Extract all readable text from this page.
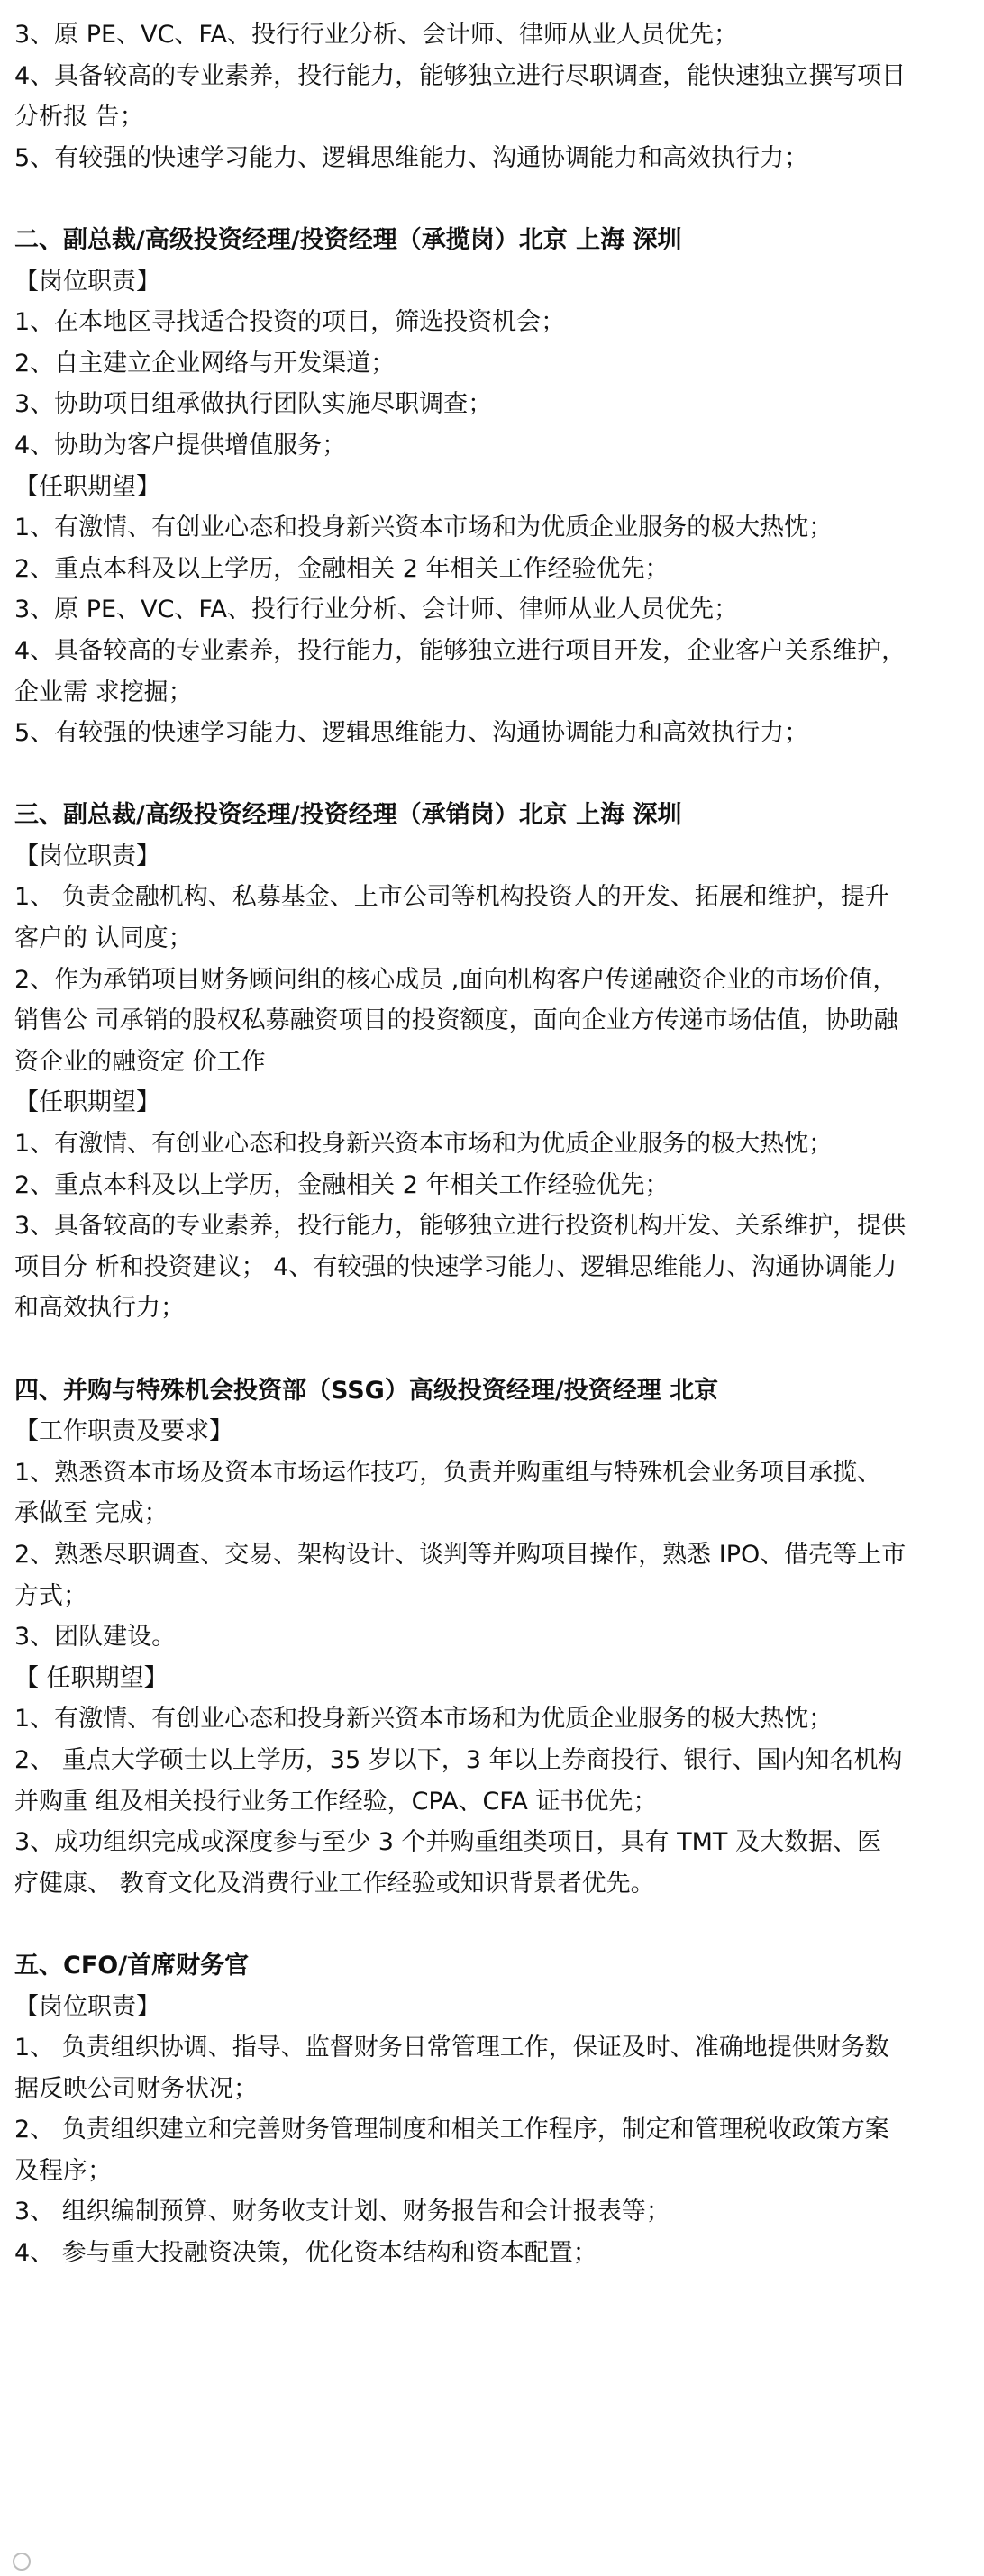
3、原 PE、VC、FA、投行行业分析、会计师、律师从业人员优先；
4、具备较高的专业素养，投行能力，能够独立进行尽职调查，能快速独立撰写项目
分析报 告；
5、有较强的快速学习能力、逻辑思维能力、沟通协调能力和高效执行力；
二、副总裁/高级投资经理/投资经理（承揽岗）北京 上海 深圳
【岗位职责】
1、在本地区寻找适合投资的项目，筛选投资机会；
2、自主建立企业网络与开发渠道；
3、协助项目组承做执行团队实施尽职调查；
4、协助为客户提供增值服务；
【任职期望】
1、有激情、有创业心态和投身新兴资本市场和为优质企业服务的极大热忱；
2、重点本科及以上学历，金融相关 2 年相关工作经验优先；
3、原 PE、VC、FA、投行行业分析、会计师、律师从业人员优先；
4、具备较高的专业素养，投行能力，能够独立进行项目开发，企业客户关系维护，
企业需 求挖掘；
5、有较强的快速学习能力、逻辑思维能力、沟通协调能力和高效执行力；
三、副总裁/高级投资经理/投资经理（承销岗）北京 上海 深圳
【岗位职责】
1、 负责金融机构、私募基金、上市公司等机构投资人的开发、拓展和维护，提升
客户的 认同度；
2、作为承销项目财务顾问组的核心成员 ,面向机构客户传递融资企业的市场价值，
销售公 司承销的股权私募融资项目的投资额度，面向企业方传递市场估值，协助融
资企业的融资定 价工作
【任职期望】
1、有激情、有创业心态和投身新兴资本市场和为优质企业服务的极大热忱；
2、重点本科及以上学历，金融相关 2 年相关工作经验优先；
3、具备较高的专业素养，投行能力，能够独立进行投资机构开发、关系维护，提供
项目分 析和投资建议； 4、有较强的快速学习能力、逻辑思维能力、沟通协调能力
和高效执行力；
四、并购与特殊机会投资部（SSG）高级投资经理/投资经理 北京
【工作职责及要求】
1、熟悉资本市场及资本市场运作技巧，负责并购重组与特殊机会业务项目承揽、
承做至 完成；
2、熟悉尽职调查、交易、架构设计、谈判等并购项目操作，熟悉 IPO、借壳等上市
方式；
3、团队建设。
【 任职期望】
1、有激情、有创业心态和投身新兴资本市场和为优质企业服务的极大热忱；
2、 重点大学硕士以上学历，35 岁以下，3 年以上券商投行、银行、国内知名机构
并购重 组及相关投行业务工作经验，CPA、CFA 证书优先；
3、成功组织完成或深度参与至少 3 个并购重组类项目，具有 TMT 及大数据、医
疗健康、 教育文化及消费行业工作经验或知识背景者优先。
五、CFO/首席财务官
【岗位职责】
1、 负责组织协调、指导、监督财务日常管理工作，保证及时、准确地提供财务数
据反映公司财务状况；
2、 负责组织建立和完善财务管理制度和相关工作程序，制定和管理税收政策方案
及程序；
3、 组织编制预算、财务收支计划、财务报告和会计报表等；
4、 参与重大投融资决策，优化资本结构和资本配置；
